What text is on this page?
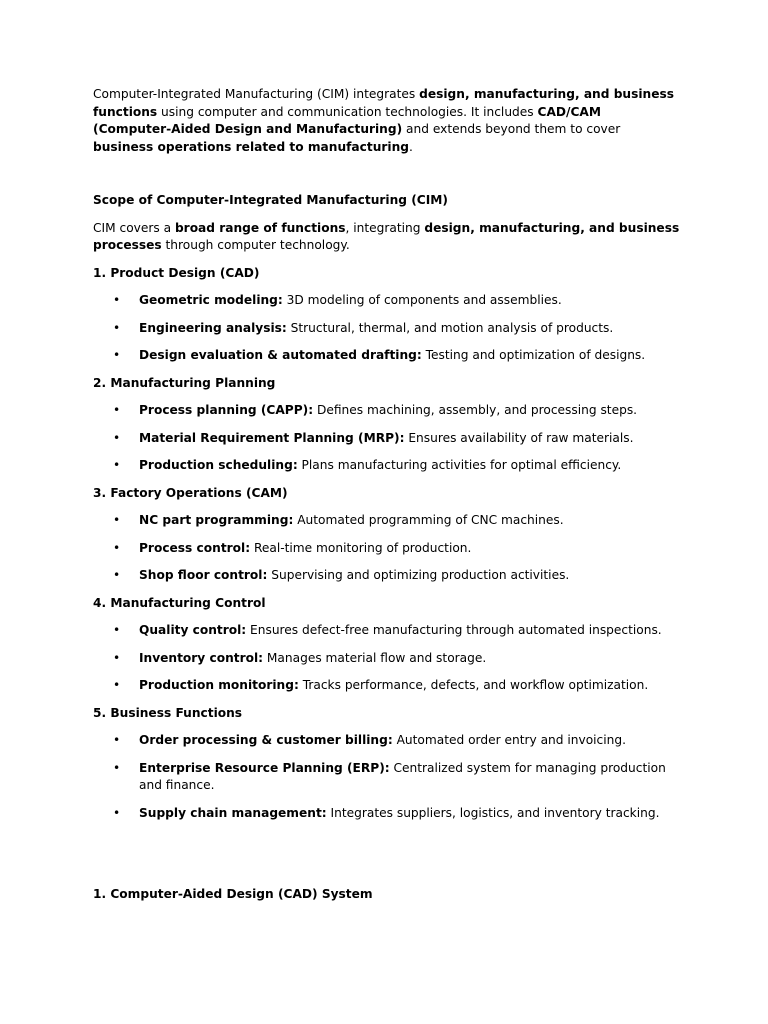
Computer-Integrated Manufacturing (CIM) integrates design, manufacturing, and business functions using computer and communication technologies. It includes CAD/CAM (Computer-Aided Design and Manufacturing) and extends beyond them to cover business operations related to manufacturing.

Scope of Computer-Integrated Manufacturing (CIM)

CIM covers a broad range of functions, integrating design, manufacturing, and business processes through computer technology.

1. Product Design (CAD)

• Geometric modeling: 3D modeling of components and assemblies.
• Engineering analysis: Structural, thermal, and motion analysis of products.
• Design evaluation & automated drafting: Testing and optimization of designs.

2. Manufacturing Planning

• Process planning (CAPP): Defines machining, assembly, and processing steps.
• Material Requirement Planning (MRP): Ensures availability of raw materials.
• Production scheduling: Plans manufacturing activities for optimal efficiency.

3. Factory Operations (CAM)

• NC part programming: Automated programming of CNC machines.
• Process control: Real-time monitoring of production.
• Shop floor control: Supervising and optimizing production activities.

4. Manufacturing Control

• Quality control: Ensures defect-free manufacturing through automated inspections.
• Inventory control: Manages material flow and storage.
• Production monitoring: Tracks performance, defects, and workflow optimization.

5. Business Functions

• Order processing & customer billing: Automated order entry and invoicing.
• Enterprise Resource Planning (ERP): Centralized system for managing production and finance.
• Supply chain management: Integrates suppliers, logistics, and inventory tracking.

1. Computer-Aided Design (CAD) System
